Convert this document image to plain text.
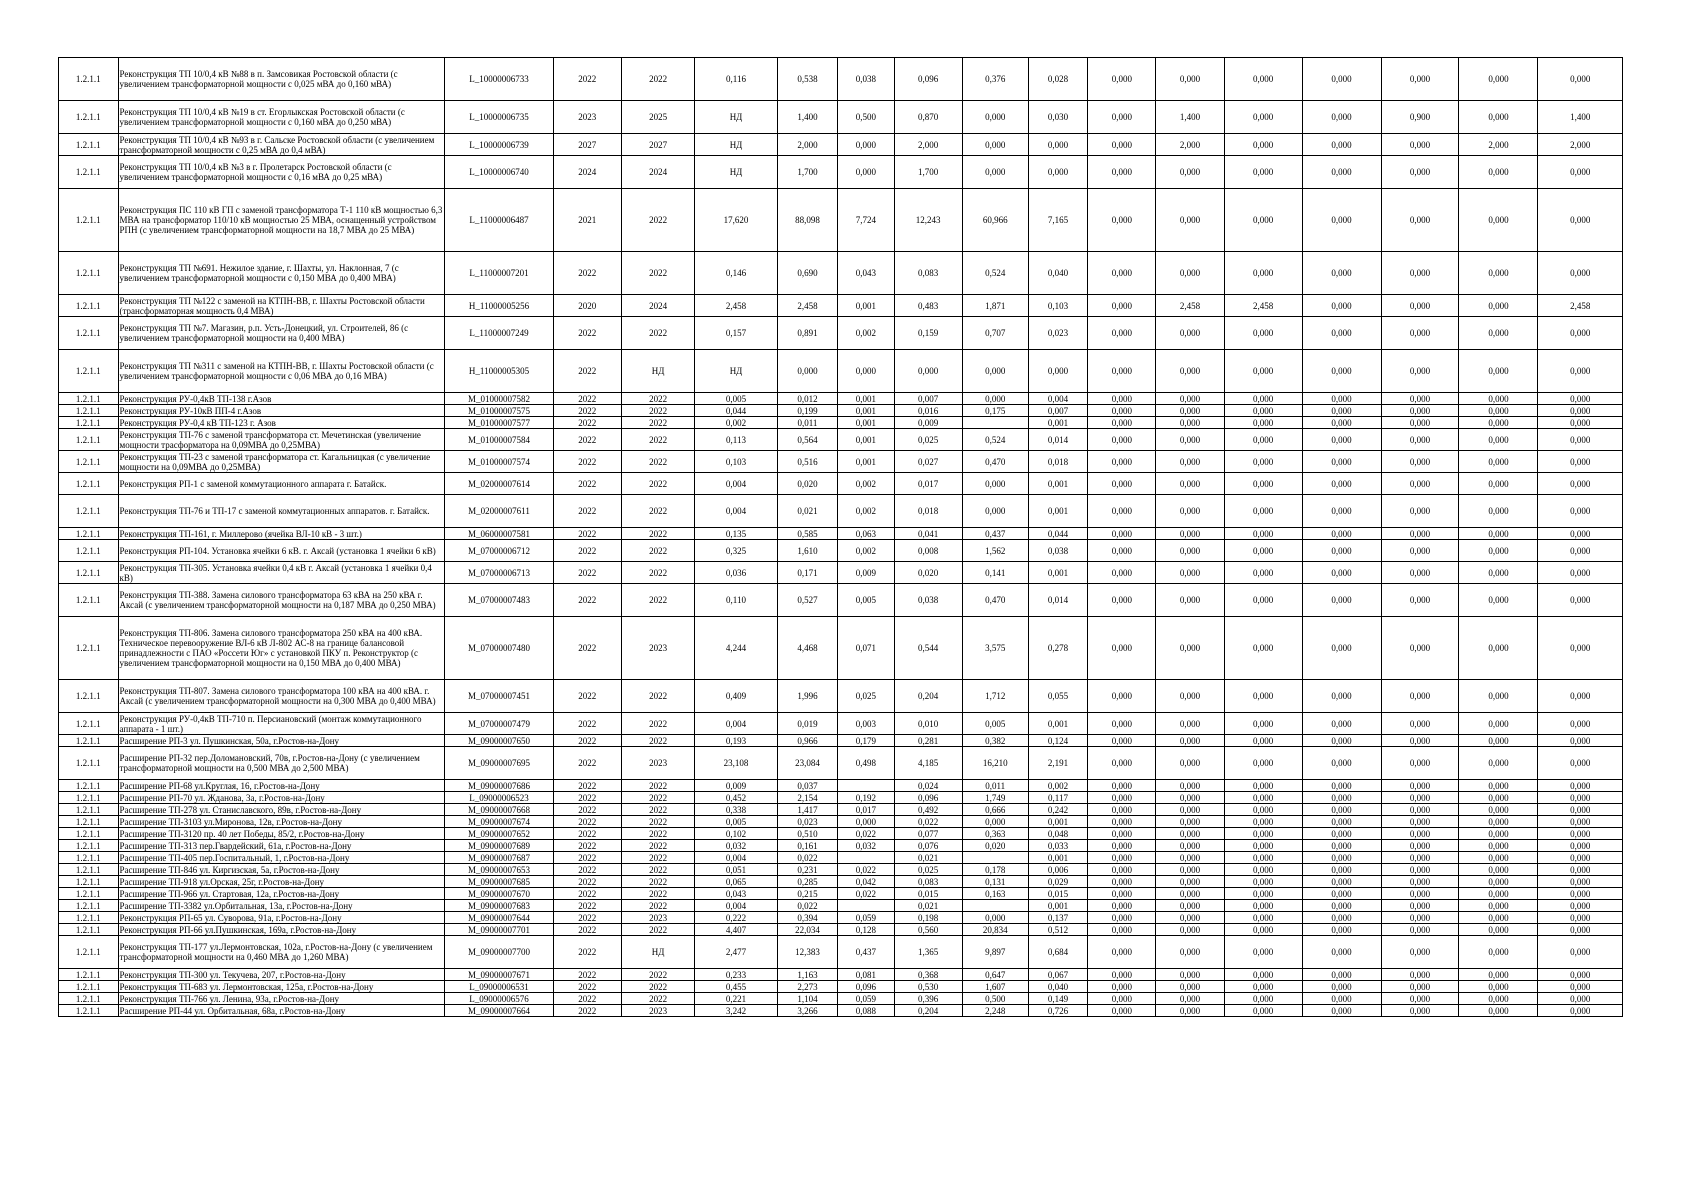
1.2.1.1	Реконструкция ТП 10/0,4 кВ №88 в п. Замсовикая Ростовской области (с увеличением трансформаторной мощности с 0,025 мВА до 0,160 мВА)	L_10000006733	2022	2022	0,116	0,538	0,038	0,096	0,376	0,028	0,000	0,000	0,000	0,000	0,000	0,000	0,000
1.2.1.1	Реконструкция ТП 10/0,4 кВ №19 в ст. Егорлыкская Ростовской области (с увеличением трансформаторной мощности с 0,160 мВА до 0,250 мВА)	L_10000006735	2023	2025	НД	1,400	0,500	0,870	0,000	0,030	0,000	1,400	0,000	0,000	0,900	0,000	1,400
1.2.1.1	Реконструкция ТП 10/0,4 кВ №93 в г. Сальске Ростовской области (с увеличением трансформаторной мощности с 0,25 мВА до 0,4 мВА)	L_10000006739	2027	2027	НД	2,000	0,000	2,000	0,000	0,000	0,000	2,000	0,000	0,000	0,000	2,000	2,000
1.2.1.1	Реконструкция ТП 10/0,4 кВ №3 в г. Пролетарск Ростовской области (с увеличением трансформаторной мощности с 0,16 мВА до 0,25 мВА)	L_10000006740	2024	2024	НД	1,700	0,000	1,700	0,000	0,000	0,000	0,000	0,000	0,000	0,000	0,000	0,000
1.2.1.1	Реконструкция ПС 110 кВ ГП с заменой трансформатора Т-1 110 кВ мощностью 6,3 МВА на трансформатор 110/10 кВ мощностью 25 МВА, оснащенный устройством РПН (с увеличением трансформаторной мощности на 18,7 МВА до 25 МВА)	L_11000006487	2021	2022	17,620	88,098	7,724	12,243	60,966	7,165	0,000	0,000	0,000	0,000	0,000	0,000	0,000
1.2.1.1	Реконструкция ТП №691. Нежилое здание, г. Шахты, ул. Наклонная, 7 (с увеличением трансформаторной мощности с 0,150 МВА до 0,400 МВА)	L_11000007201	2022	2022	0,146	0,690	0,043	0,083	0,524	0,040	0,000	0,000	0,000	0,000	0,000	0,000	0,000
1.2.1.1	Реконструкция ТП №122 с заменой на КТПН-ВВ, г. Шахты Ростовской области (трансформаторная мощность 0,4 МВА)	H_11000005256	2020	2024	2,458	2,458	0,001	0,483	1,871	0,103	0,000	2,458	2,458	0,000	0,000	0,000	2,458
1.2.1.1	Реконструкция ТП №7. Магазин, р.п. Усть-Донецкий, ул. Строителей, 86 (с увеличением трансформаторной мощности на 0,400 МВА)	L_11000007249	2022	2022	0,157	0,891	0,002	0,159	0,707	0,023	0,000	0,000	0,000	0,000	0,000	0,000	0,000
1.2.1.1	Реконструкция ТП №311 с заменой на КТПН-ВВ, г. Шахты Ростовской области (с увеличением трансформаторной мощности с 0,06 МВА до 0,16 МВА)	H_11000005305	2022	НД	НД	0,000	0,000	0,000	0,000	0,000	0,000	0,000	0,000	0,000	0,000	0,000	0,000
1.2.1.1	Реконструкция РУ-0,4кВ ТП-138 г.Азов	M_01000007582	2022	2022	0,005	0,012	0,001	0,007	0,000	0,004	0,000	0,000	0,000	0,000	0,000	0,000	0,000
1.2.1.1	Реконструкция РУ-10кВ ПП-4 г.Азов	M_01000007575	2022	2022	0,044	0,199	0,001	0,016	0,175	0,007	0,000	0,000	0,000	0,000	0,000	0,000	0,000
1.2.1.1	Реконструкция РУ-0,4 кВ ТП-123 г. Азов	M_01000007577	2022	2022	0,002	0,011	0,001	0,009		0,001	0,000	0,000	0,000	0,000	0,000	0,000	0,000
1.2.1.1	Реконструкция ТП-76 с заменой трансформатора ст. Мечетинская (увеличение мощности трасформатора на 0,09МВА до 0,25МВА)	M_01000007584	2022	2022	0,113	0,564	0,001	0,025	0,524	0,014	0,000	0,000	0,000	0,000	0,000	0,000	0,000
1.2.1.1	Реконструкция ТП-23 с заменой трансформатора ст. Кагальницкая (с увеличение мощности на 0,09МВА до 0,25МВА)	M_01000007574	2022	2022	0,103	0,516	0,001	0,027	0,470	0,018	0,000	0,000	0,000	0,000	0,000	0,000	0,000
1.2.1.1	Реконструкция РП-1 с заменой коммутационного аппарата г. Батайск.	M_02000007614	2022	2022	0,004	0,020	0,002	0,017	0,000	0,001	0,000	0,000	0,000	0,000	0,000	0,000	0,000
1.2.1.1	Реконструкция ТП-76 и ТП-17 с заменой коммутационных аппаратов. г. Батайск.	M_02000007611	2022	2022	0,004	0,021	0,002	0,018	0,000	0,001	0,000	0,000	0,000	0,000	0,000	0,000	0,000
1.2.1.1	Реконструкция ТП-161, г. Миллерово (ячейка ВЛ-10 кВ - 3 шт.)	M_06000007581	2022	2022	0,135	0,585	0,063	0,041	0,437	0,044	0,000	0,000	0,000	0,000	0,000	0,000	0,000
1.2.1.1	Реконструкция РП-104. Установка ячейки 6 кВ. г. Аксай (установка 1 ячейки 6 кВ)	M_07000006712	2022	2022	0,325	1,610	0,002	0,008	1,562	0,038	0,000	0,000	0,000	0,000	0,000	0,000	0,000
1.2.1.1	Реконструкция ТП-305. Установка ячейки 0,4 кВ г. Аксай (установка 1 ячейки 0,4 кВ)	M_07000006713	2022	2022	0,036	0,171	0,009	0,020	0,141	0,001	0,000	0,000	0,000	0,000	0,000	0,000	0,000
1.2.1.1	Реконструкция ТП-388. Замена силового трансформатора 63 кВА на 250 кВА г. Аксай (с увеличением трансформаторной мощности на 0,187 МВА до 0,250 МВА)	M_07000007483	2022	2022	0,110	0,527	0,005	0,038	0,470	0,014	0,000	0,000	0,000	0,000	0,000	0,000	0,000
1.2.1.1	Реконструкция ТП-806. Замена силового трансформатора 250 кВА на 400 кВА. Техническое перевооружение ВЛ-6 кВ Л-802 АС-8 на границе балансовой принадлежности с ПАО «Россети Юг» с установкой ПКУ п. Реконструктор (с увеличением трансформаторной мощности на 0,150 МВА до 0,400 МВА)	M_07000007480	2022	2023	4,244	4,468	0,071	0,544	3,575	0,278	0,000	0,000	0,000	0,000	0,000	0,000	0,000
1.2.1.1	Реконструкция ТП-807. Замена силового трансформатора 100 кВА на 400 кВА. г. Аксай (с увеличением трансформаторной мощности на 0,300 МВА до 0,400 МВА)	M_07000007451	2022	2022	0,409	1,996	0,025	0,204	1,712	0,055	0,000	0,000	0,000	0,000	0,000	0,000	0,000
1.2.1.1	Реконструкция РУ-0,4кВ ТП-710 п. Персиановский (монтаж коммутационного аппарата - 1 шт.)	M_07000007479	2022	2022	0,004	0,019	0,003	0,010	0,005	0,001	0,000	0,000	0,000	0,000	0,000	0,000	0,000
1.2.1.1	Расширение РП-3 ул. Пушкинская, 50а, г.Ростов-на-Дону	M_09000007650	2022	2022	0,193	0,966	0,179	0,281	0,382	0,124	0,000	0,000	0,000	0,000	0,000	0,000	0,000
1.2.1.1	Расширение РП-32 пер.Доломановский, 70в, г.Ростов-на-Дону (с увеличением трансформаторной мощности на 0,500 МВА до 2,500 МВА)	M_09000007695	2022	2023	23,108	23,084	0,498	4,185	16,210	2,191	0,000	0,000	0,000	0,000	0,000	0,000	0,000
1.2.1.1	Расширение РП-68 ул.Круглая, 16, г.Ростов-на-Дону	M_09000007686	2022	2022	0,009	0,037		0,024	0,011	0,002	0,000	0,000	0,000	0,000	0,000	0,000	0,000
1.2.1.1	Расширение РП-70 ул. Жданова, 3а, г.Ростов-на-Дону	L_09000006523	2022	2022	0,452	2,154	0,192	0,096	1,749	0,117	0,000	0,000	0,000	0,000	0,000	0,000	0,000
1.2.1.1	Расширение ТП-278 ул. Станиславского, 89в, г.Ростов-на-Дону	M_09000007668	2022	2022	0,338	1,417	0,017	0,492	0,666	0,242	0,000	0,000	0,000	0,000	0,000	0,000	0,000
1.2.1.1	Расширение ТП-3103 ул.Миронова, 12в, г.Ростов-на-Дону	M_09000007674	2022	2022	0,005	0,023	0,000	0,022	0,000	0,001	0,000	0,000	0,000	0,000	0,000	0,000	0,000
1.2.1.1	Расширение ТП-3120 пр. 40 лет Победы, 85/2, г.Ростов-на-Дону	M_09000007652	2022	2022	0,102	0,510	0,022	0,077	0,363	0,048	0,000	0,000	0,000	0,000	0,000	0,000	0,000
1.2.1.1	Расширение ТП-313 пер.Гвардейский, 61а, г.Ростов-на-Дону	M_09000007689	2022	2022	0,032	0,161	0,032	0,076	0,020	0,033	0,000	0,000	0,000	0,000	0,000	0,000	0,000
1.2.1.1	Расширение ТП-405 пер.Госпитальный, 1, г.Ростов-на-Дону	M_09000007687	2022	2022	0,004	0,022		0,021		0,001	0,000	0,000	0,000	0,000	0,000	0,000	0,000
1.2.1.1	Расширение ТП-846 ул. Киргизская, 5а, г.Ростов-на-Дону	M_09000007653	2022	2022	0,051	0,231	0,022	0,025	0,178	0,006	0,000	0,000	0,000	0,000	0,000	0,000	0,000
1.2.1.1	Расширение ТП-918 ул.Орская, 25г, г.Ростов-на-Дону	M_09000007685	2022	2022	0,065	0,285	0,042	0,083	0,131	0,029	0,000	0,000	0,000	0,000	0,000	0,000	0,000
1.2.1.1	Расширение ТП-966 ул. Стартовая, 12а, г.Ростов-на-Дону	M_09000007670	2022	2022	0,043	0,215	0,022	0,015	0,163	0,015	0,000	0,000	0,000	0,000	0,000	0,000	0,000
1.2.1.1	Расширение ТП-3382 ул.Орбитальная, 13а, г.Ростов-на-Дону	M_09000007683	2022	2022	0,004	0,022		0,021		0,001	0,000	0,000	0,000	0,000	0,000	0,000	0,000
1.2.1.1	Реконструкция РП-65 ул. Суворова, 91а, г.Ростов-на-Дону	M_09000007644	2022	2023	0,222	0,394	0,059	0,198	0,000	0,137	0,000	0,000	0,000	0,000	0,000	0,000	0,000
1.2.1.1	Реконструкция РП-66 ул.Пушкинская, 169а, г.Ростов-на-Дону	M_09000007701	2022	2022	4,407	22,034	0,128	0,560	20,834	0,512	0,000	0,000	0,000	0,000	0,000	0,000	0,000
1.2.1.1	Реконструкция ТП-177 ул.Лермонтовская, 102а, г.Ростов-на-Дону (с увеличением трансформаторной мощности на 0,460 МВА до 1,260 МВА)	M_09000007700	2022	НД	2,477	12,383	0,437	1,365	9,897	0,684	0,000	0,000	0,000	0,000	0,000	0,000	0,000
1.2.1.1	Реконструкция ТП-300 ул. Текучева, 207, г.Ростов-на-Дону	M_09000007671	2022	2022	0,233	1,163	0,081	0,368	0,647	0,067	0,000	0,000	0,000	0,000	0,000	0,000	0,000
1.2.1.1	Реконструкция ТП-683 ул. Лермонтовская, 125а, г.Ростов-на-Дону	L_09000006531	2022	2022	0,455	2,273	0,096	0,530	1,607	0,040	0,000	0,000	0,000	0,000	0,000	0,000	0,000
1.2.1.1	Реконструкция ТП-766 ул. Ленина, 93а, г.Ростов-на-Дону	L_09000006576	2022	2022	0,221	1,104	0,059	0,396	0,500	0,149	0,000	0,000	0,000	0,000	0,000	0,000	0,000
1.2.1.1	Расширение РП-44 ул. Орбитальная, 68а, г.Ростов-на-Дону	M_09000007664	2022	2023	3,242	3,266	0,088	0,204	2,248	0,726	0,000	0,000	0,000	0,000	0,000	0,000	0,000
